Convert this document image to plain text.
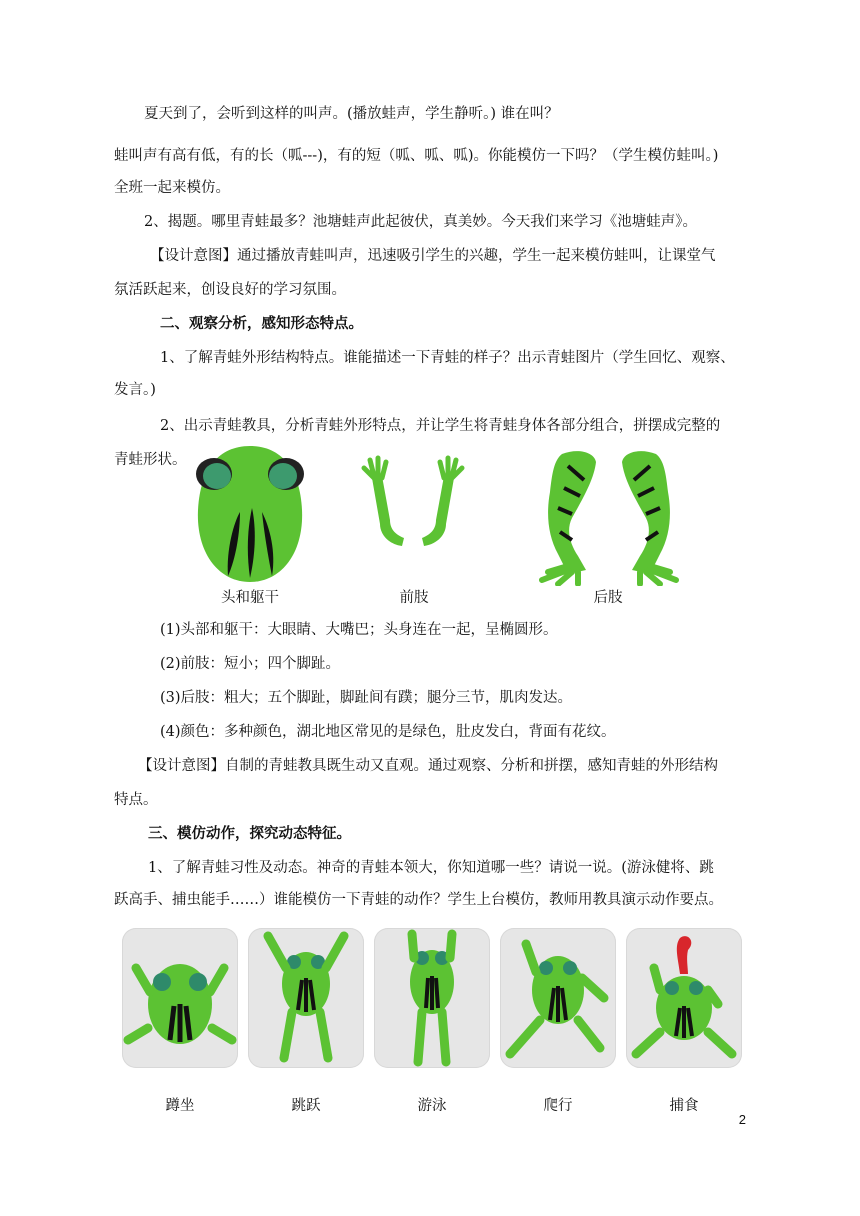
夏天到了，会听到这样的叫声。(播放蛙声，学生静听。) 谁在叫？
蛙叫声有高有低，有的长（呱---)，有的短（呱、呱、呱)。你能模仿一下吗？（学生模仿蛙叫。)
全班一起来模仿。
2、揭题。哪里青蛙最多？池塘蛙声此起彼伏，真美妙。今天我们来学习《池塘蛙声》。
【设计意图】通过播放青蛙叫声，迅速吸引学生的兴趣，学生一起来模仿蛙叫，让课堂气
氛活跃起来，创设良好的学习氛围。
二、观察分析，感知形态特点。
1、了解青蛙外形结构特点。谁能描述一下青蛙的样子？出示青蛙图片（学生回忆、观察、
发言。)
2、出示青蛙教具，分析青蛙外形特点，并让学生将青蛙身体各部分组合，拼摆成完整的
青蛙形状。
头和躯干	前肢	后肢
(1)头部和躯干：大眼睛、大嘴巴；头身连在一起，呈椭圆形。
(2)前肢：短小；四个脚趾。
(3)后肢：粗大；五个脚趾，脚趾间有蹼；腿分三节，肌肉发达。
(4)颜色：多种颜色，湖北地区常见的是绿色，肚皮发白，背面有花纹。
【设计意图】自制的青蛙教具既生动又直观。通过观察、分析和拼摆，感知青蛙的外形结构
特点。
三、模仿动作，探究动态特征。
1、了解青蛙习性及动态。神奇的青蛙本领大，你知道哪一些？请说一说。(游泳健将、跳
跃高手、捕虫能手……）谁能模仿一下青蛙的动作？学生上台模仿，教师用教具演示动作要点。
蹲坐	跳跃	游泳	爬行	捕食
2
